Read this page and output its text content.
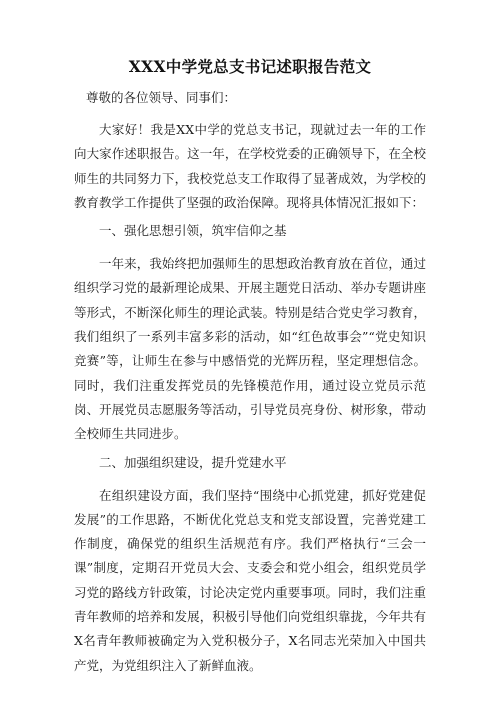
XXX中学党总支书记述职报告范文

尊敬的各位领导、同事们：

大家好！我是XX中学的党总支书记，现就过去一年的工作向大家作述职报告。这一年，在学校党委的正确领导下，在全校师生的共同努力下，我校党总支工作取得了显著成效，为学校的教育教学工作提供了坚强的政治保障。现将具体情况汇报如下：

一、强化思想引领，筑牢信仰之基

一年来，我始终把加强师生的思想政治教育放在首位，通过组织学习党的最新理论成果、开展主题党日活动、举办专题讲座等形式，不断深化师生的理论武装。特别是结合党史学习教育，我们组织了一系列丰富多彩的活动，如“红色故事会”“党史知识竞赛”等，让师生在参与中感悟党的光辉历程，坚定理想信念。同时，我们注重发挥党员的先锋模范作用，通过设立党员示范岗、开展党员志愿服务等活动，引导党员亮身份、树形象，带动全校师生共同进步。

二、加强组织建设，提升党建水平

在组织建设方面，我们坚持“围绕中心抓党建，抓好党建促发展”的工作思路，不断优化党总支和党支部设置，完善党建工作制度，确保党的组织生活规范有序。我们严格执行“三会一课”制度，定期召开党员大会、支委会和党小组会，组织党员学习党的路线方针政策，讨论决定党内重要事项。同时，我们注重青年教师的培养和发展，积极引导他们向党组织靠拢，今年共有X名青年教师被确定为入党积极分子，X名同志光荣加入中国共产党，为党组织注入了新鲜血液。
